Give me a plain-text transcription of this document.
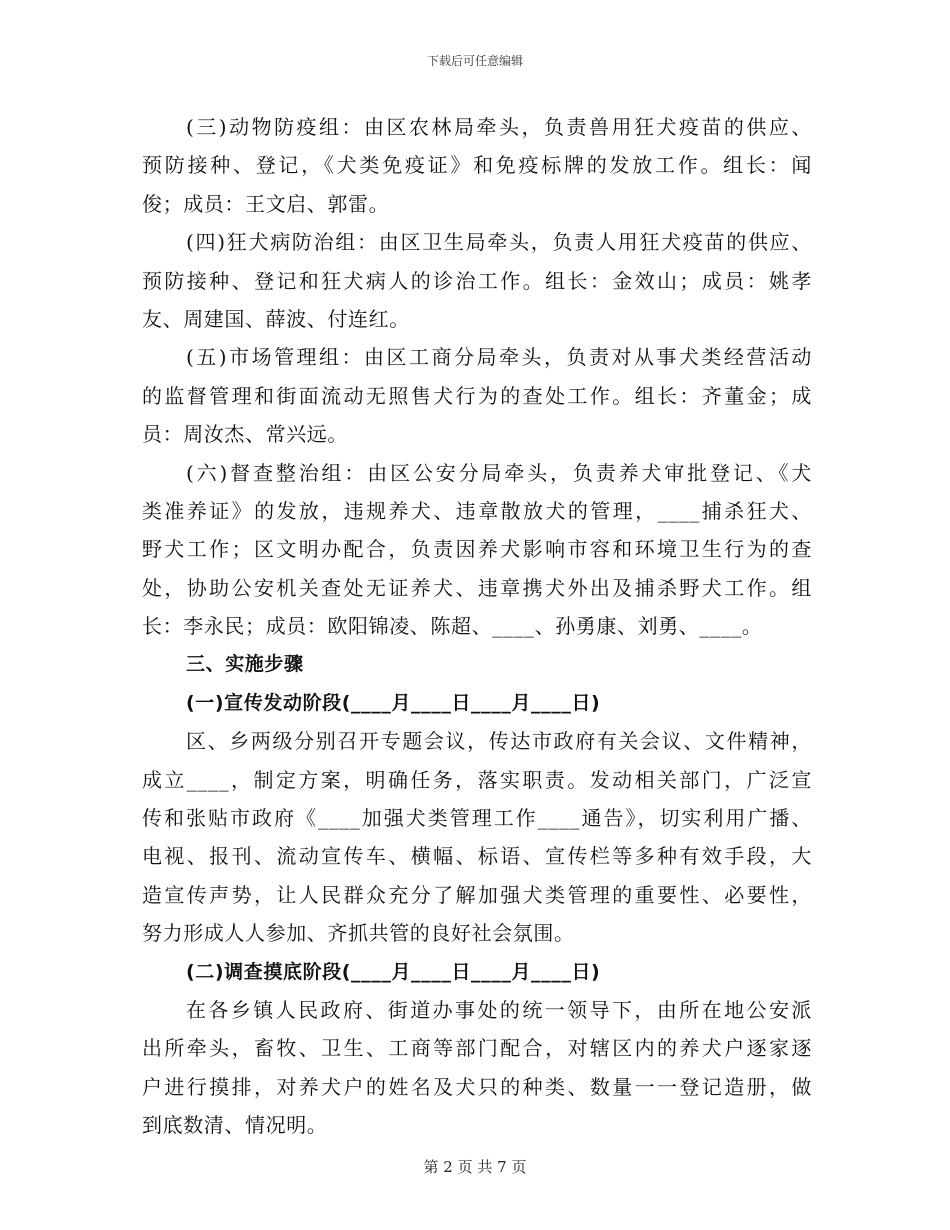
下载后可任意编辑
(三)动物防疫组：由区农林局牵头，负责兽用狂犬疫苗的供应、
预防接种、登记，《犬类免疫证》和免疫标牌的发放工作。组长：闻
俊；成员：王文启、郭雷。
(四)狂犬病防治组：由区卫生局牵头，负责人用狂犬疫苗的供应、
预防接种、登记和狂犬病人的诊治工作。组长：金效山；成员：姚孝
友、周建国、薛波、付连红。
(五)市场管理组：由区工商分局牵头，负责对从事犬类经营活动
的监督管理和街面流动无照售犬行为的查处工作。组长：齐董金；成
员：周汝杰、常兴远。
(六)督查整治组：由区公安分局牵头，负责养犬审批登记、《犬
类准养证》的发放，违规养犬、违章散放犬的管理，____捕杀狂犬、
野犬工作；区文明办配合，负责因养犬影响市容和环境卫生行为的查
处，协助公安机关查处无证养犬、违章携犬外出及捕杀野犬工作。组
长：李永民；成员：欧阳锦凌、陈超、____、孙勇康、刘勇、____。
三、实施步骤
(一)宣传发动阶段(____月____日____月____日)
区、乡两级分别召开专题会议，传达市政府有关会议、文件精神，
成立____，制定方案，明确任务，落实职责。发动相关部门，广泛宣
传和张贴市政府《____加强犬类管理工作____通告》，切实利用广播、
电视、报刊、流动宣传车、横幅、标语、宣传栏等多种有效手段，大
造宣传声势，让人民群众充分了解加强犬类管理的重要性、必要性，
努力形成人人参加、齐抓共管的良好社会氛围。
(二)调查摸底阶段(____月____日____月____日)
在各乡镇人民政府、街道办事处的统一领导下，由所在地公安派
出所牵头，畜牧、卫生、工商等部门配合，对辖区内的养犬户逐家逐
户进行摸排，对养犬户的姓名及犬只的种类、数量一一登记造册，做
到底数清、情况明。
第 2 页 共 7 页
